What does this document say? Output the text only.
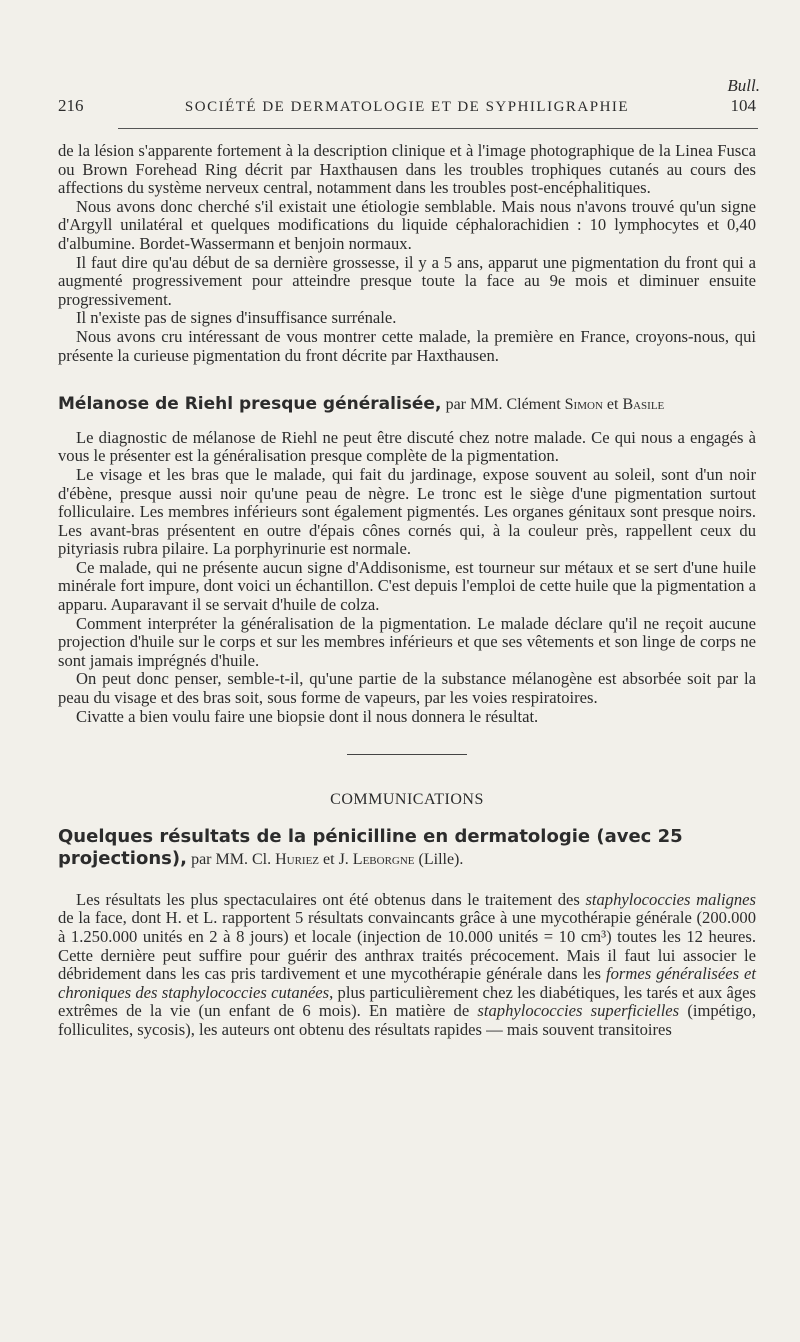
Bull.
216	SOCIÉTÉ DE DERMATOLOGIE ET DE SYPHILIGRAPHIE	104

de la lésion s'apparente fortement à la description clinique et à l'image photographique de la Linea Fusca ou Brown Forehead Ring décrit par Haxthausen dans les troubles trophiques cutanés au cours des affections du système nerveux central, notamment dans les troubles post-encéphalitiques.

Nous avons donc cherché s'il existait une étiologie semblable. Mais nous n'avons trouvé qu'un signe d'Argyll unilatéral et quelques modifications du liquide céphalorachidien : 10 lymphocytes et 0,40 d'albumine. Bordet-Wassermann et benjoin normaux.

Il faut dire qu'au début de sa dernière grossesse, il y a 5 ans, apparut une pigmentation du front qui a augmenté progressivement pour atteindre presque toute la face au 9e mois et diminuer ensuite progressivement.

Il n'existe pas de signes d'insuffisance surrénale.

Nous avons cru intéressant de vous montrer cette malade, la première en France, croyons-nous, qui présente la curieuse pigmentation du front décrite par Haxthausen.

Mélanose de Riehl presque généralisée, par MM. Clément Simon et Basile

Le diagnostic de mélanose de Riehl ne peut être discuté chez notre malade. Ce qui nous a engagés à vous le présenter est la généralisation presque complète de la pigmentation.

Le visage et les bras que le malade, qui fait du jardinage, expose souvent au soleil, sont d'un noir d'ébène, presque aussi noir qu'une peau de nègre. Le tronc est le siège d'une pigmentation surtout folliculaire. Les membres inférieurs sont également pigmentés. Les organes génitaux sont presque noirs. Les avant-bras présentent en outre d'épais cônes cornés qui, à la couleur près, rappellent ceux du pityriasis rubra pilaire. La porphyrinurie est normale.

Ce malade, qui ne présente aucun signe d'Addisonisme, est tourneur sur métaux et se sert d'une huile minérale fort impure, dont voici un échantillon. C'est depuis l'emploi de cette huile que la pigmentation a apparu. Auparavant il se servait d'huile de colza.

Comment interpréter la généralisation de la pigmentation. Le malade déclare qu'il ne reçoit aucune projection d'huile sur le corps et sur les membres inférieurs et que ses vêtements et son linge de corps ne sont jamais imprégnés d'huile.

On peut donc penser, semble-t-il, qu'une partie de la substance mélanogène est absorbée soit par la peau du visage et des bras soit, sous forme de vapeurs, par les voies respiratoires.

Civatte a bien voulu faire une biopsie dont il nous donnera le résultat.

COMMUNICATIONS
Quelques résultats de la pénicilline en dermatologie (avec 25 projections), par MM. Cl. Huriez et J. Leborgne (Lille).

Les résultats les plus spectaculaires ont été obtenus dans le traitement des staphylococcies malignes de la face, dont H. et L. rapportent 5 résultats convaincants grâce à une mycothérapie générale (200.000 à 1.250.000 unités en 2 à 8 jours) et locale (injection de 10.000 unités = 10 cm³) toutes les 12 heures. Cette dernière peut suffire pour guérir des anthrax traités précocement. Mais il faut lui associer le débridement dans les cas pris tardivement et une mycothérapie générale dans les formes généralisées et chroniques des staphylococcies cutanées, plus particulièrement chez les diabétiques, les tarés et aux âges extrêmes de la vie (un enfant de 6 mois). En matière de staphylococcies superficielles (impétigo, folliculites, sycosis), les auteurs ont obtenu des résultats rapides — mais souvent transitoires
